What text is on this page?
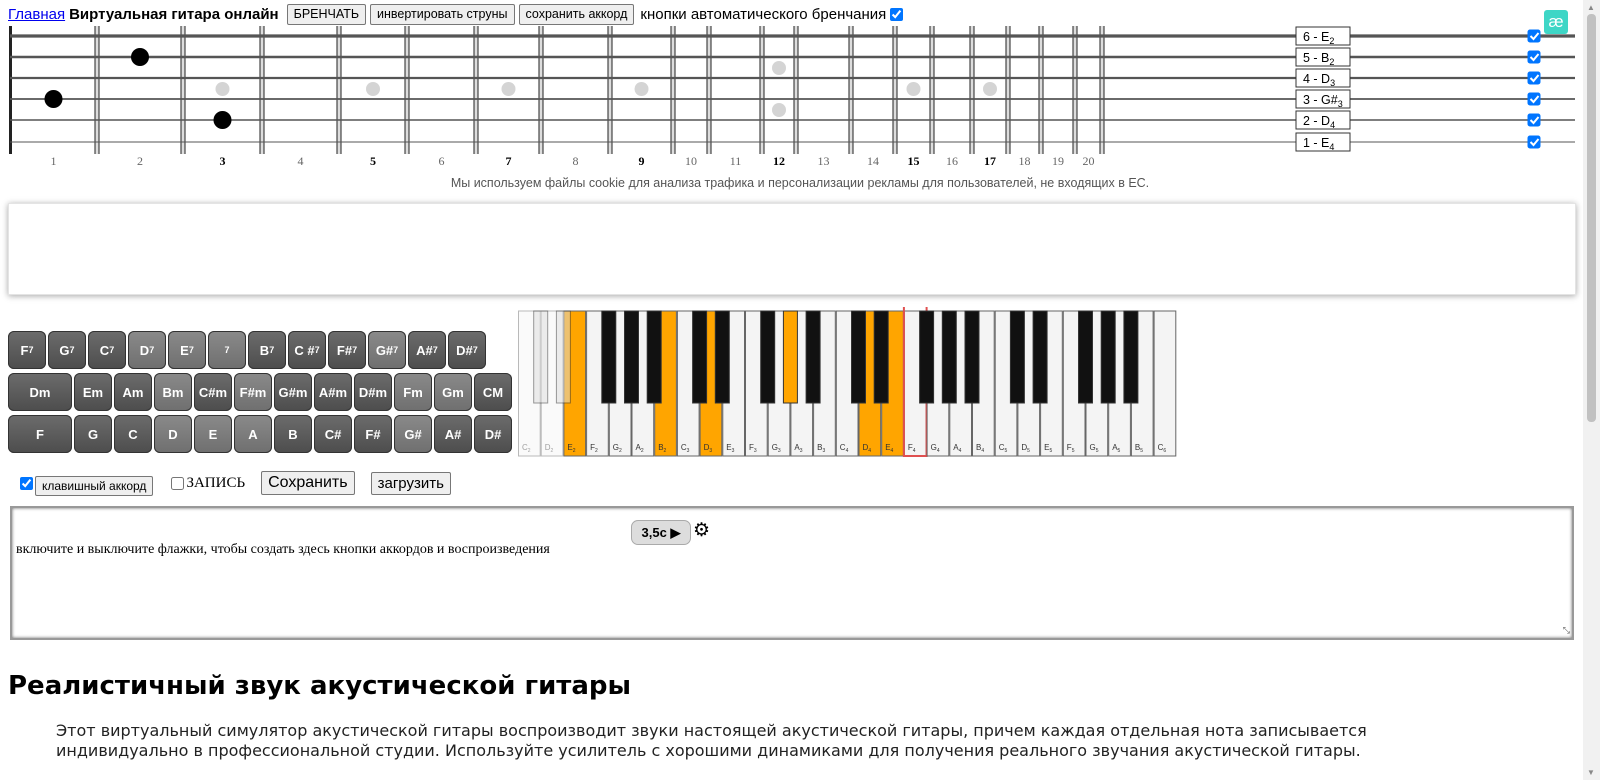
Главная Виртуальная гитара онлайн	БРЕНЧАТЬ	инвертировать струны	сохранить аккорд кнопки автоматического бренчания	æ
1	2	3	4	5	6	7	8	9	10	11	12	13	14 15 16 17 18 19 20
$6 - E_2$
$5 - B_2$
$4 - D_3$
$3 - G\#_3$
$2 - D_4$
$1 - E_4$
Мы используем файлы cookie для анализа трафика и персонализации рекламы для пользователей, не входящих в ЕС.
F 7 G 7 C 7 D 7 E 7	7 B 7 C # 7 F# 7 G# 7 A# 7 D# 7
Dm Em Am Bm C#m F#m G#m A#m D#m Fm Gm CM
F	G C D E A B C# F# G# A# D#
$C_2$ $D_2$ $E_2$ $F_2$ $G_2$ $A_2$ $B_2$ $C_3$ $D_3$ $E_3$ $F_3$ $G_3$ $A_3$ $B_3$ $C_4$ $D_4$ $E_4$ $F_4$ $G_4$ $A_4$ $B_4$ $C_5$ $D_5$ $E_5$ $F_5$ $G_5$ $A_5$ $B_5$ $C_6$
клавишный аккорд	ЗАПИСЬ	Сохранить	загрузить
3,5c ▶ ⚙
включите и выключите флажки, чтобы создать здесь кнопки аккордов и воспроизведения
⤡
Реалистичный звук акустической гитары

Этот виртуальный симулятор акустической гитары воспроизводит звуки настоящей акустической гитары, причем каждая отдельная нота записывается индивидуально в профессиональной студии. Используйте усилитель с хорошими динамиками для получения реального звучания акустической гитары.

▲
▼
